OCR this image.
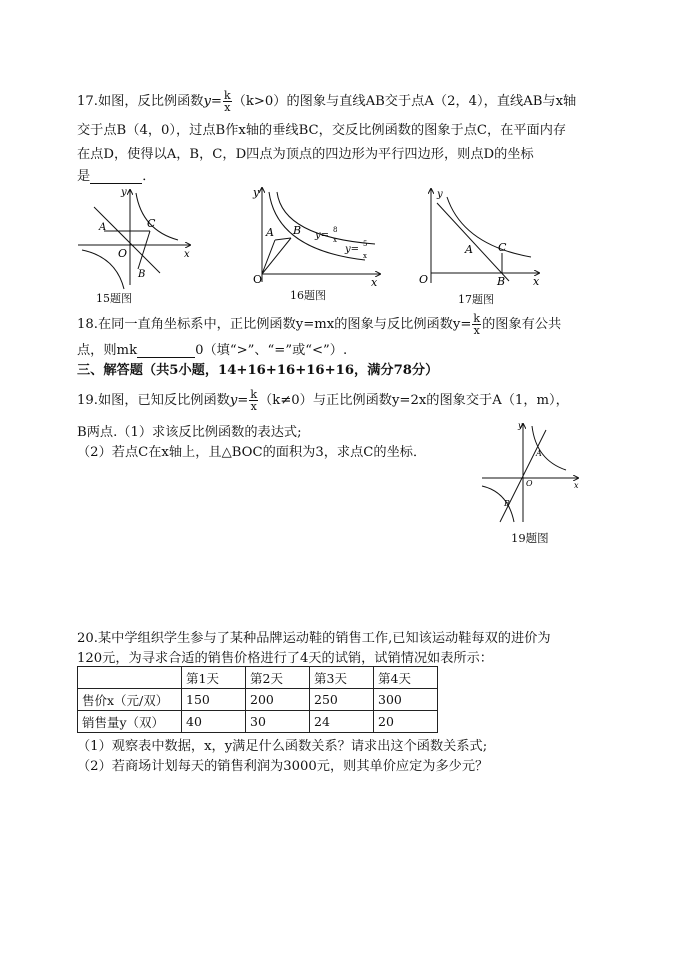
17.如图，反比例函数$y= \frac{k}{x} (k>0)$的图象与直线AB交于点A（2，4），直线AB与x轴
交于点B（4，0），过点B作x轴的垂线BC，交反比例函数的图象于点C，在平面内存
在点D，使得以A，B，C，D四点为顶点的四边形为平行四边形，则点D的坐标
是	．
y
x
A	C
O
B
15题图
y
x
A B
O
y= 8
x
y= 5
x
16题图
y
x
A C
O	B
17题图
18.在同一直角坐标系中，正比例函数y=mx的图象与反比例函数$y= \frac{k}{x}$ 的图象有公共
点，则mk	0（填“>”、“=”或“<”）.
三、解答题（共5小题，14+16+16+16+16，满分78分）
19.如图，已知反比例函数$y= \frac{k}{x} (k\ne 0)$与正比例函数y=2x的图象交于A（1，m），
B两点.（1）求该反比例函数的表达式;
（2）若点C在x轴上，且△BOC的面积为3，求点C的坐标．
y
x
A
O
B
19题图
20.某中学组织学生参与了某种品牌运动鞋的销售工作,已知该运动鞋每双的进价为
120元，为寻求合适的销售价格进行了4天的试销，试销情况如表所示：
	第1天	第2天	第3天	第4天
售价x（元/双）	150	200	250	300
销售量y（双）	40	30	24	20
（1）观察表中数据，x，y满足什么函数关系？请求出这个函数关系式;
（2）若商场计划每天的销售利润为3000元，则其单价应定为多少元？
